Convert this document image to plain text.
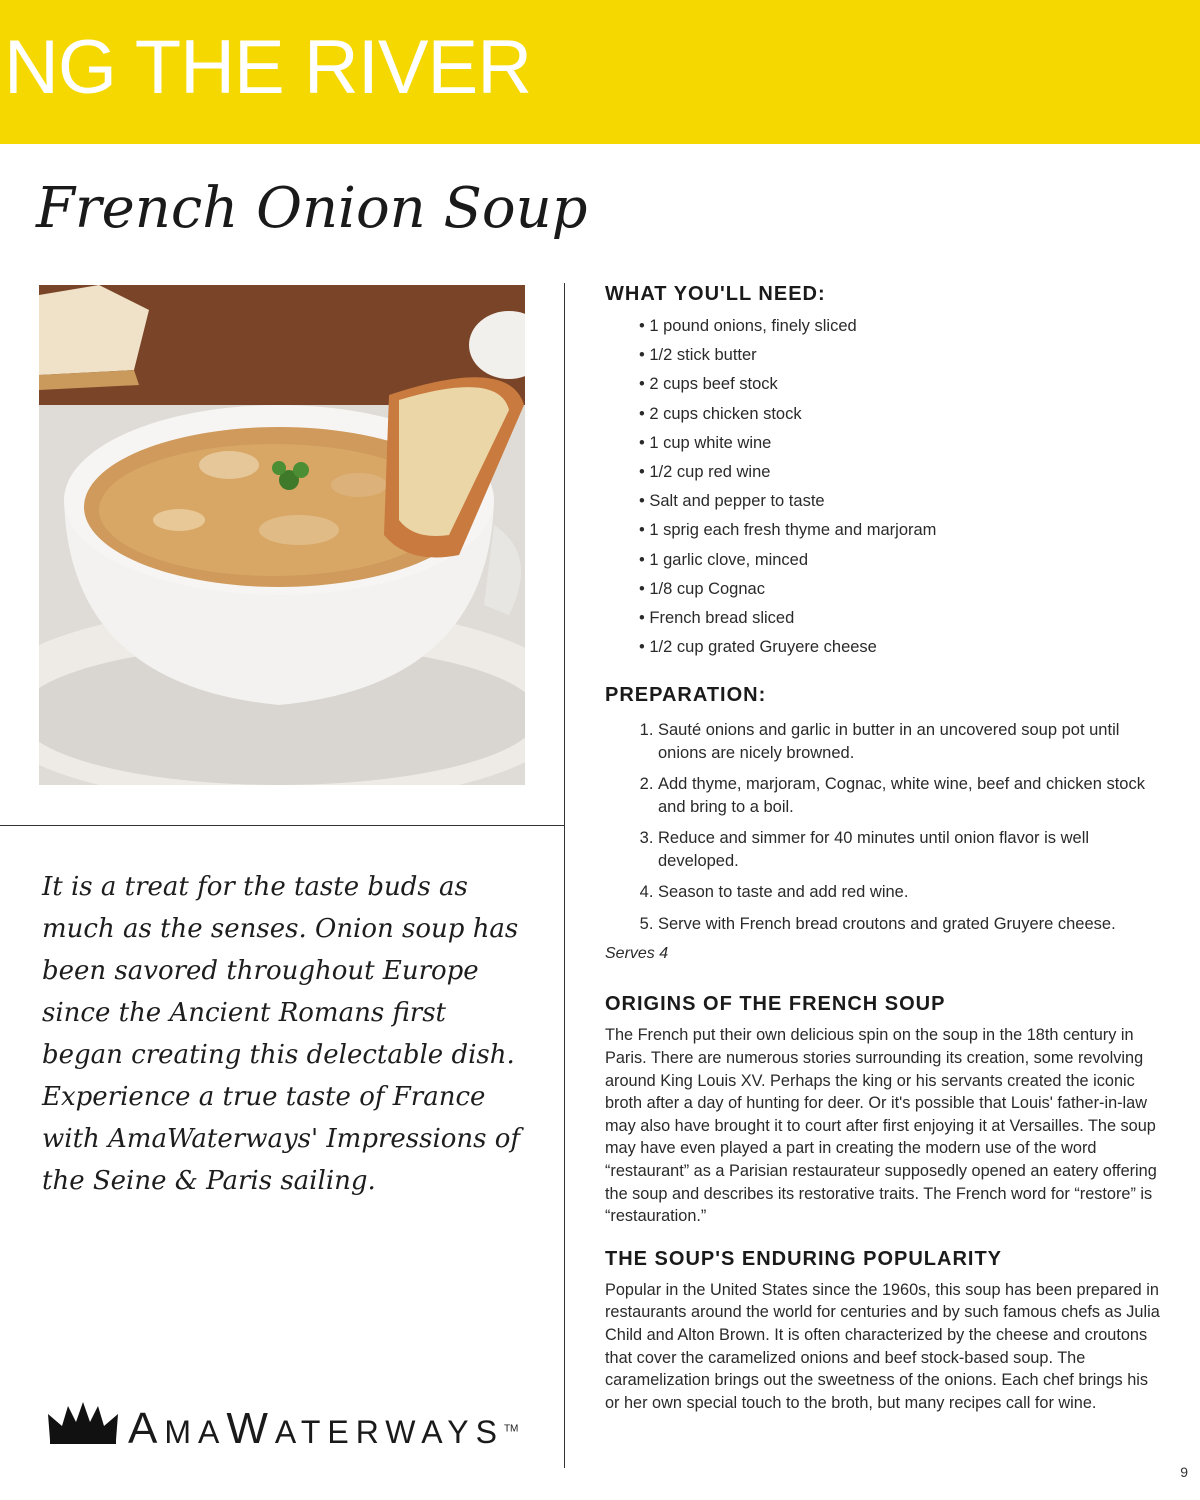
NG THE RIVER
French Onion Soup
It is a treat for the taste buds as much as the senses. Onion soup has been savored throughout Europe since the Ancient Romans first began creating this delectable dish. Experience a true taste of France with AmaWaterways' Impressions of the Seine & Paris sailing.
AMAWATERWAYS™
WHAT YOU'LL NEED:
• 1 pound onions, finely sliced
• 1/2 stick butter
• 2 cups beef stock
• 2 cups chicken stock
• 1 cup white wine
• 1/2 cup red wine
• Salt and pepper to taste
• 1 sprig each fresh thyme and marjoram
• 1 garlic clove, minced
• 1/8 cup Cognac
• French bread sliced
• 1/2 cup grated Gruyere cheese
PREPARATION:
1. Sauté onions and garlic in butter in an uncovered soup pot until onions are nicely browned.
2. Add thyme, marjoram, Cognac, white wine, beef and chicken stock and bring to a boil.
3. Reduce and simmer for 40 minutes until onion flavor is well developed.
4. Season to taste and add red wine.
5. Serve with French bread croutons and grated Gruyere cheese.

Serves 4

ORIGINS OF THE FRENCH SOUP

The French put their own delicious spin on the soup in the 18th century in Paris. There are numerous stories surrounding its creation, some revolving around King Louis XV. Perhaps the king or his servants created the iconic broth after a day of hunting for deer. Or it's possible that Louis' father-in-law may also have brought it to court after first enjoying it at Versailles. The soup may have even played a part in creating the modern use of the word “restaurant” as a Parisian restaurateur supposedly opened an eatery offering the soup and describes its restorative traits. The French word for “restore” is “restauration.”

THE SOUP'S ENDURING POPULARITY

Popular in the United States since the 1960s, this soup has been prepared in restaurants around the world for centuries and by such famous chefs as Julia Child and Alton Brown. It is often characterized by the cheese and croutons that cover the caramelized onions and beef stock-based soup. The caramelization brings out the sweetness of the onions. Each chef brings his or her own special touch to the broth, but many recipes call for wine.

9
